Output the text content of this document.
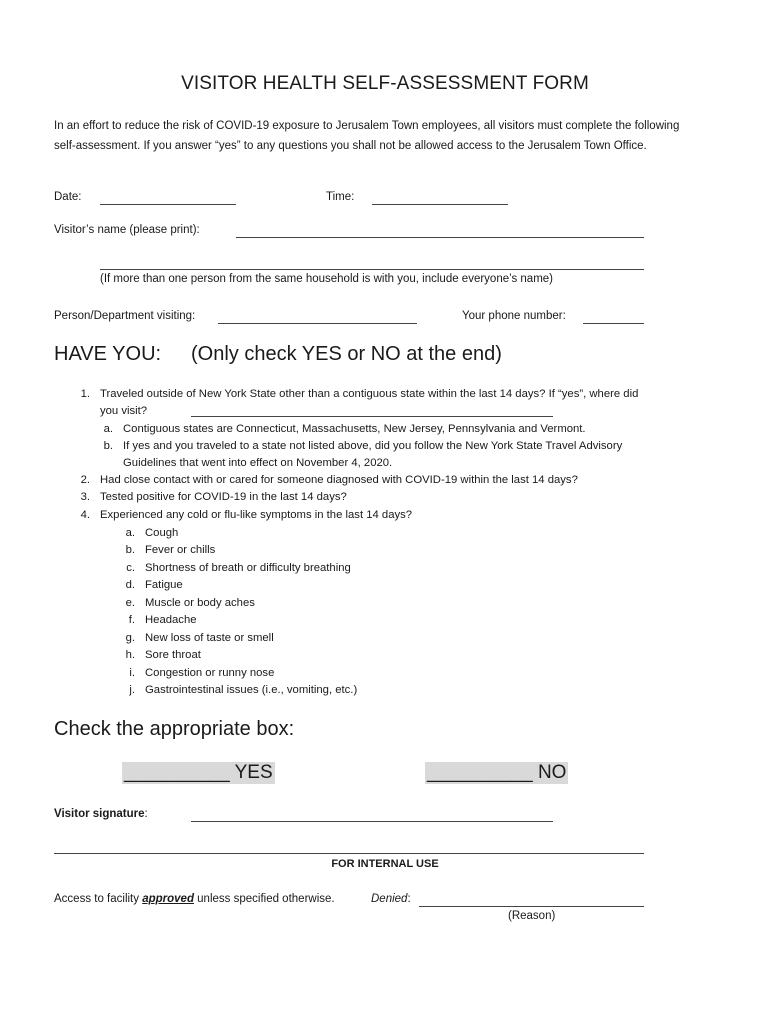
VISITOR HEALTH SELF-ASSESSMENT FORM
In an effort to reduce the risk of COVID-19 exposure to Jerusalem Town employees, all visitors must complete the following self-assessment. If you answer “yes” to any questions you shall not be allowed access to the Jerusalem Town Office.
Date:	Time:
Visitor’s name (please print):
(If more than one person from the same household is with you, include everyone’s name)
Person/Department visiting:	Your phone number:
HAVE YOU: (Only check YES or NO at the end)
1. Traveled outside of New York State other than a contiguous state within the last 14 days? If “yes”, where did
you visit?
a. Contiguous states are Connecticut, Massachusetts, New Jersey, Pennsylvania and Vermont.
b. If yes and you traveled to a state not listed above, did you follow the New York State Travel Advisory
Guidelines that went into effect on November 4, 2020.
2. Had close contact with or cared for someone diagnosed with COVID-19 within the last 14 days?
3. Tested positive for COVID-19 in the last 14 days?
4. Experienced any cold or flu-like symptoms in the last 14 days?
a. Cough
b. Fever or chills
c. Shortness of breath or difficulty breathing
d. Fatigue
e. Muscle or body aches
f. Headache
g. New loss of taste or smell
h. Sore throat
i. Congestion or runny nose
j. Gastrointestinal issues (i.e., vomiting, etc.)
Check the appropriate box:
__________ YES	__________ NO
Visitor signature:
FOR INTERNAL USE
Access to facility approved unless specified otherwise.	Denied:
(Reason)
